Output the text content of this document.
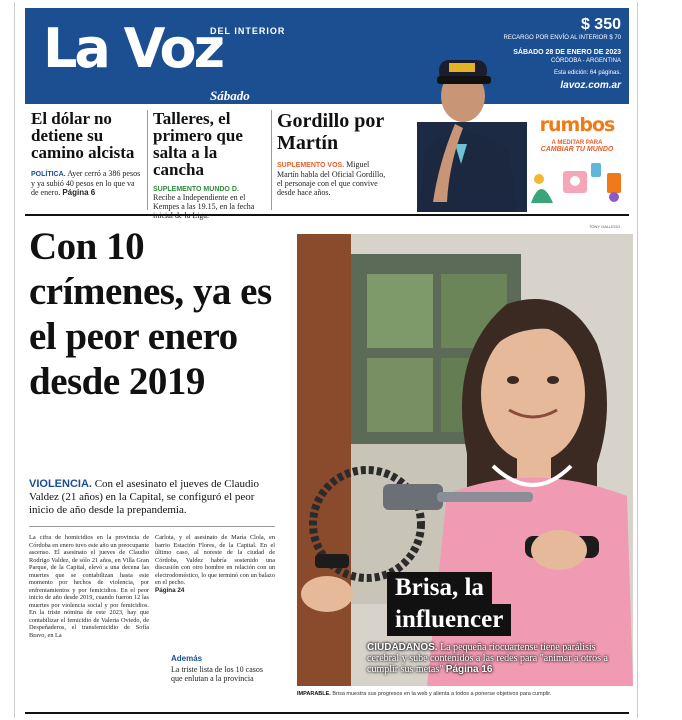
La Voz
DEL INTERIOR
Sábado
$ 350
RECARGO POR ENVÍO AL INTERIOR $ 70
SÁBADO 28 DE ENERO DE 2023
CÓRDOBA - ARGENTINA
Esta edición: 64 páginas.
lavoz.com.ar
El dólar no detiene su camino alcista
POLÍTICA. Ayer cerró a 386 pesos y ya subió 40 pesos en lo que va de enero. Página 6
Talleres, el primero que salta a la cancha
SUPLEMENTO MUNDO D.
Recibe a Independiente en el Kempes a las 19.15, en la fecha
Gordillo por Martín
SUPLEMENTO VOS. Miguel Martín habla del Oficial Gordillo, el personaje con el que convive desde hace años.
rumbos
A MEDITAR PARA
CAMBIAR TU MUNDO
Con 10 crímenes, ya es el peor enero desde 2019
VIOLENCIA. Con el asesinato el jueves de Claudio Valdez (21 años) en la Capital, se configuró el peor inicio de año desde la prepandemia.
La cifra de homicidios en la provincia de Córdoba en enero tuvo este año un preocupante ascenso. El asesinato el jueves de Claudio Rodrigo Valdez, de sólo 21 años, en Villa Gran Parque, de la Capital, elevó a una decena las muertes que se contabilizan hasta este momento por hechos de violencia, por enfrentamientos y por femicidios. En el peor inicio de año desde 2019, cuando fueron 12 las muertes por violencia social y por femicidios. En la triste nómina de este 2023, hay que contabilizar el femicidio de Valeria Oviedo, de Despeñaderos, el transfemicidio de Sofía Bravo, en La
Carlota, y el asesinato de María Clola, en barrio Estación Flores, de la Capital. En el último caso, al noreste de la ciudad de Córdoba, Valdez habría sostenido una discusión con otro hombre en relación con un electrodoméstico, lo que terminó con un balazo en el pecho.
Página 24
Además
La triste lista de los 10 casos que enlutan a la provincia
TONY GALLEGO
Brisa, la
influencer
CIUDADANOS. La pequeña riocuartense tiene parálisis cerebral y sube contenidos a las redes para "animar a otros a cumplir sus metas" Página 16
IMPARABLE. Brisa muestra sus progresos en la web y alienta a todos a ponerse objetivos para cumplir.
